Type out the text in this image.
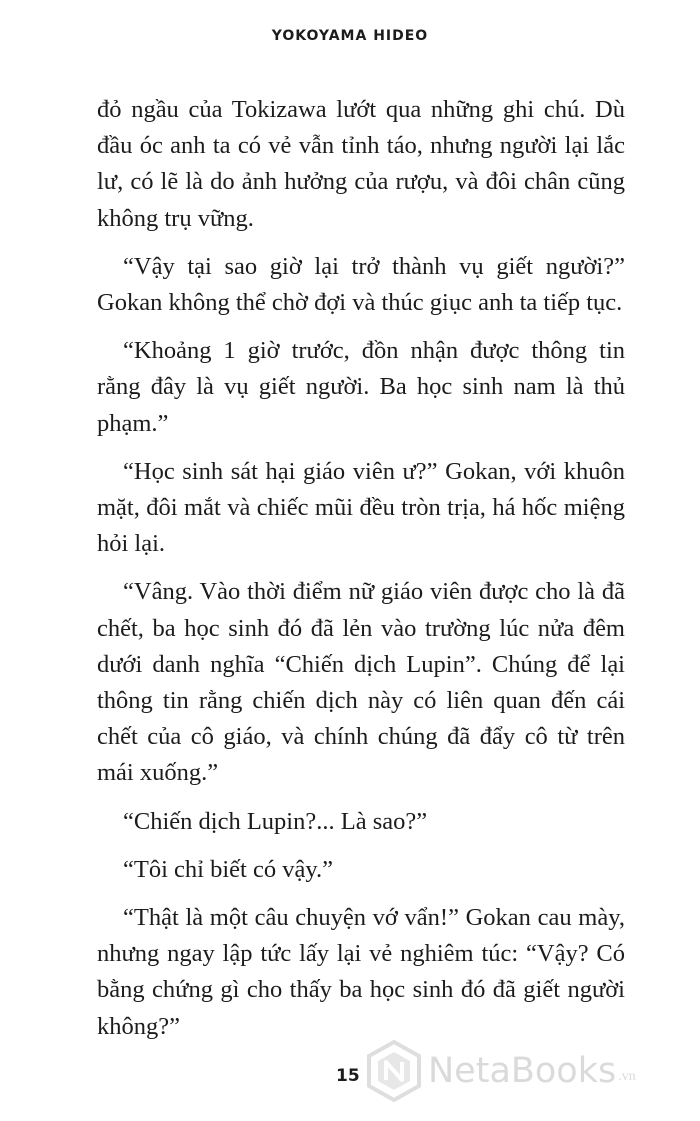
YOKOYAMA HIDEO

đỏ ngầu của Tokizawa lướt qua những ghi chú. Dù đầu óc anh ta có vẻ vẫn tỉnh táo, nhưng người lại lắc lư, có lẽ là do ảnh hưởng của rượu, và đôi chân cũng không trụ vững.

“Vậy tại sao giờ lại trở thành vụ giết người?” Gokan không thể chờ đợi và thúc giục anh ta tiếp tục.

“Khoảng 1 giờ trước, đồn nhận được thông tin rằng đây là vụ giết người. Ba học sinh nam là thủ phạm.”

“Học sinh sát hại giáo viên ư?” Gokan, với khuôn mặt, đôi mắt và chiếc mũi đều tròn trịa, há hốc miệng hỏi lại.

“Vâng. Vào thời điểm nữ giáo viên được cho là đã chết, ba học sinh đó đã lẻn vào trường lúc nửa đêm dưới danh nghĩa “Chiến dịch Lupin”. Chúng để lại thông tin rằng chiến dịch này có liên quan đến cái chết của cô giáo, và chính chúng đã đẩy cô từ trên mái xuống.”

“Chiến dịch Lupin?... Là sao?”

“Tôi chỉ biết có vậy.”

“Thật là một câu chuyện vớ vẩn!” Gokan cau mày, nhưng ngay lập tức lấy lại vẻ nghiêm túc: “Vậy? Có bằng chứng gì cho thấy ba học sinh đó đã giết người không?”

15 NetaBooks .vn
